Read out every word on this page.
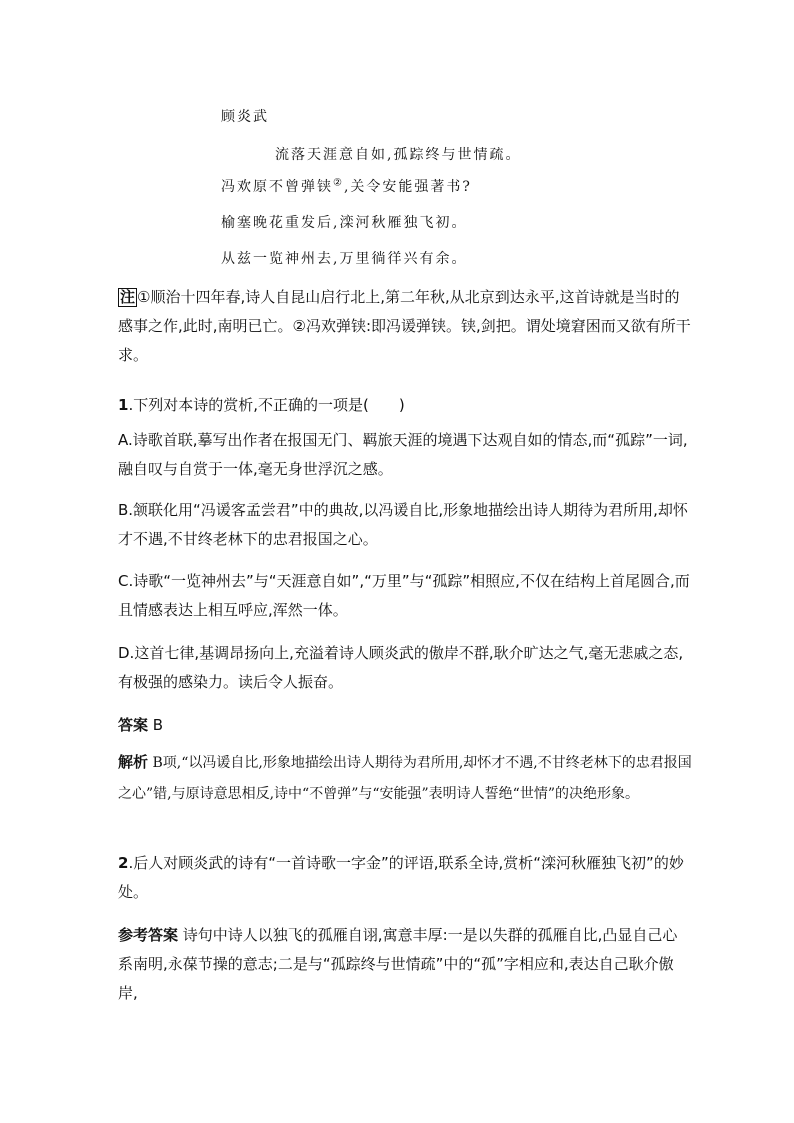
顾炎武
流落天涯意自如,孤踪终与世情疏。
冯欢原不曾弹铗②,关令安能强著书?
榆塞晚花重发后,滦河秋雁独飞初。
从兹一览神州去,万里徜徉兴有余。
注 ①顺治十四年春,诗人自昆山启行北上,第二年秋,从北京到达永平,这首诗就是当时的感事之作,此时,南明已亡。②冯欢弹铗:即冯谖弹铗。铗,剑把。谓处境窘困而又欲有所干求。
1.下列对本诗的赏析,不正确的一项是(　　)
A.诗歌首联,摹写出作者在报国无门、羁旅天涯的境遇下达观自如的情态,而“孤踪”一词,融自叹与自赏于一体,毫无身世浮沉之感。
B.颔联化用“冯谖客孟尝君”中的典故,以冯谖自比,形象地描绘出诗人期待为君所用,却怀才不遇,不甘终老林下的忠君报国之心。
C.诗歌“一览神州去”与“天涯意自如”,“万里”与“孤踪”相照应,不仅在结构上首尾圆合,而且情感表达上相互呼应,浑然一体。
D.这首七律,基调昂扬向上,充溢着诗人顾炎武的傲岸不群,耿介旷达之气,毫无悲戚之态,有极强的感染力。读后令人振奋。
答案 B
解析 B项,“以冯谖自比,形象地描绘出诗人期待为君所用,却怀才不遇,不甘终老林下的忠君报国之心”错,与原诗意思相反,诗中“不曾弹”与“安能强”表明诗人誓绝“世情”的决绝形象。
2.后人对顾炎武的诗有“一首诗歌一字金”的评语,联系全诗,赏析“滦河秋雁独飞初”的妙处。
参考答案 诗句中诗人以独飞的孤雁自诩,寓意丰厚:一是以失群的孤雁自比,凸显自己心系南明,永葆节操的意志;二是与“孤踪终与世情疏”中的“孤”字相应和,表达自己耿介傲岸,
